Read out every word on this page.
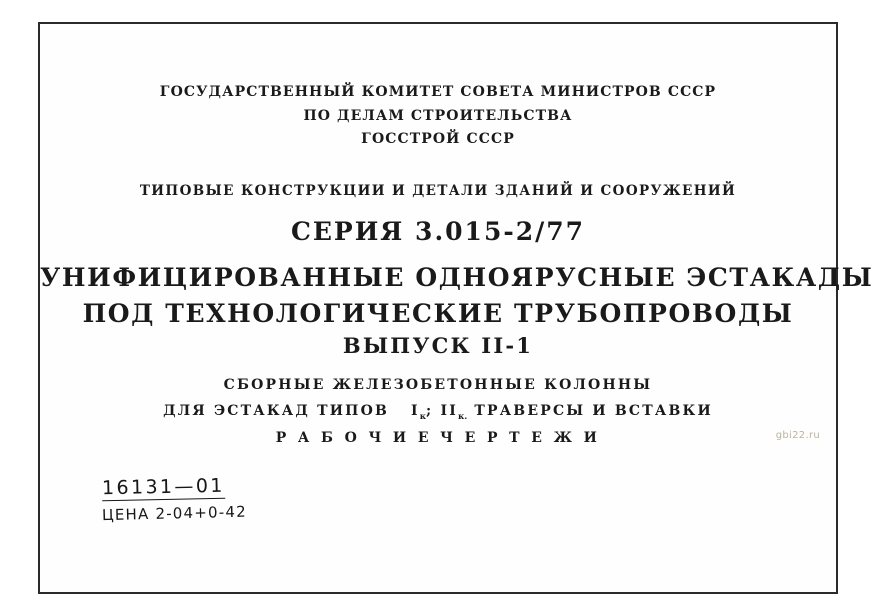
ГОСУДАРСТВЕННЫЙ КОМИТЕТ СОВЕТА МИНИСТРОВ СССР
ПО ДЕЛАМ СТРОИТЕЛЬСТВА
ГОССТРОЙ СССР
ТИПОВЫЕ КОНСТРУКЦИИ И ДЕТАЛИ ЗДАНИЙ И СООРУЖЕНИЙ
СЕРИЯ 3.015-2/77
УНИФИЦИРОВАННЫЕ ОДНОЯРУСНЫЕ ЭСТАКАДЫ
ПОД ТЕХНОЛОГИЧЕСКИЕ ТРУБОПРОВОДЫ
ВЫПУСК II-1
СБОРНЫЕ ЖЕЛЕЗОБЕТОННЫЕ КОЛОННЫ
ДЛЯ ЭСТАКАД ТИПОВ $I_к$; $II_{к.}$ ТРАВЕРСЫ И ВСТАВКИ
Р А Б О Ч И Е Ч Е Р Т Е Ж И
16131—01
ЦЕНА 2-04+0-42
gbi22.ru
